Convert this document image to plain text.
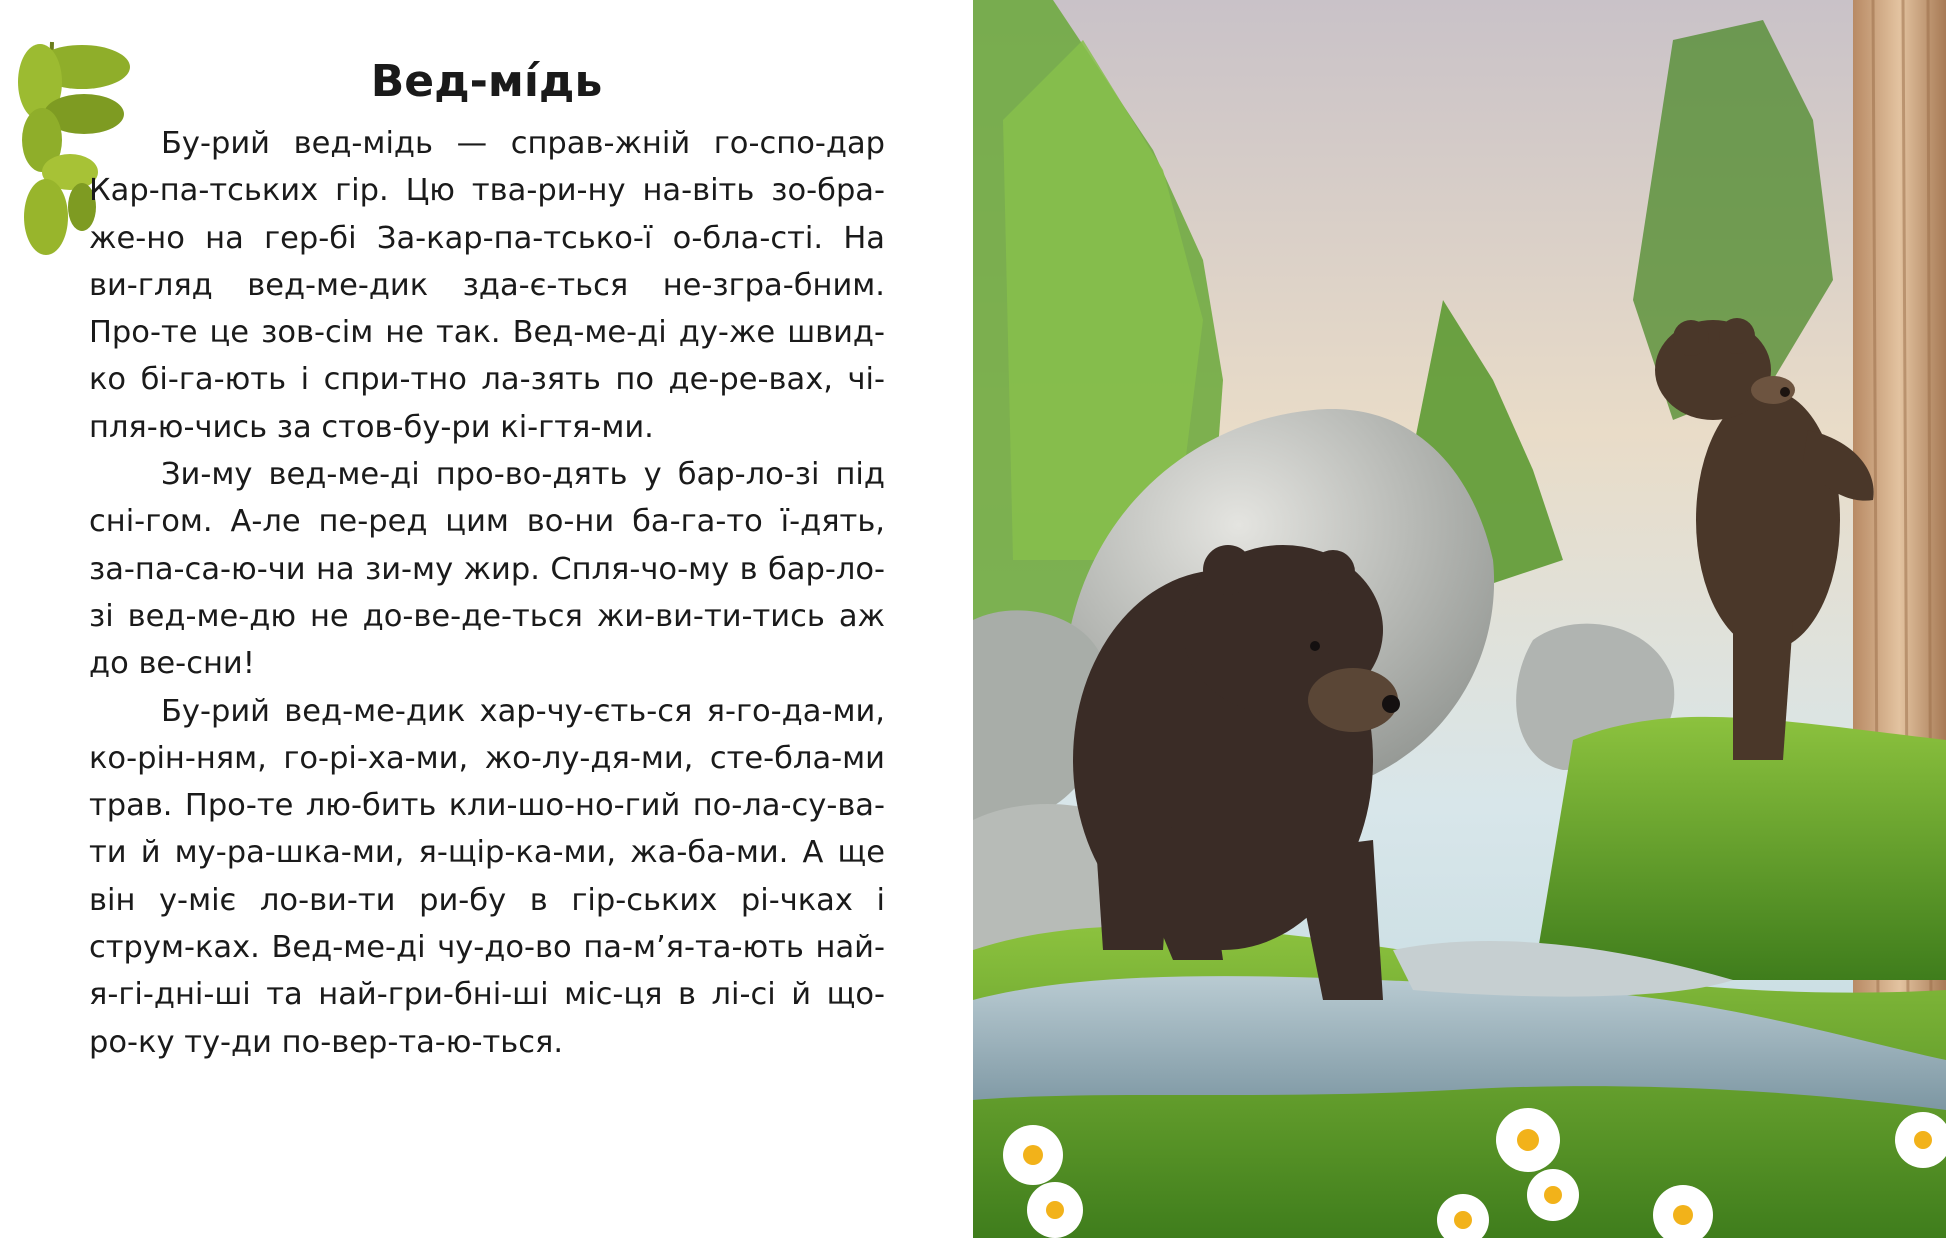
Вед-мі́дь

Бу-рий вед-мідь — справ-жній го-спо-дар Кар-па-тських гір. Цю тва-ри-ну на-віть зо-бра-же-но на гер-бі За-кар-па-тсько-ї о-бла-сті. На ви-гляд вед-ме-дик зда-є-ться не-згра-бним. Про-те це зов-сім не так. Вед-ме-ді ду-же швид-ко бі-га-ють і спри-тно ла-зять по де-ре-вах, чі-пля-ю-чись за стов-бу-ри кі-гтя-ми.

Зи-му вед-ме-ді про-во-дять у бар-ло-зі під сні-гом. А-ле пе-ред цим во-ни ба-га-то ї-дять, за-па-са-ю-чи на зи-му жир. Спля-чо-му в бар-ло-зі вед-ме-дю не до-ве-де-ться жи-ви-ти-тись аж до ве-сни!

Бу-рий вед-ме-дик хар-чу-єть-ся я-го-да-ми, ко-рін-ням, го-рі-ха-ми, жо-лу-дя-ми, сте-бла-ми трав. Про-те лю-бить кли-шо-но-гий по-ла-су-ва-ти й му-ра-шка-ми, я-щір-ка-ми, жа-ба-ми. А ще він у-міє ло-ви-ти ри-бу в гір-ських рі-чках і струм-ках. Вед-ме-ді чу-до-во па-м’я-та-ють най-я-гі-дні-ші та най-гри-бні-ші міс-ця в лі-сі й що-ро-ку ту-ди по-вер-та-ю-ться.
